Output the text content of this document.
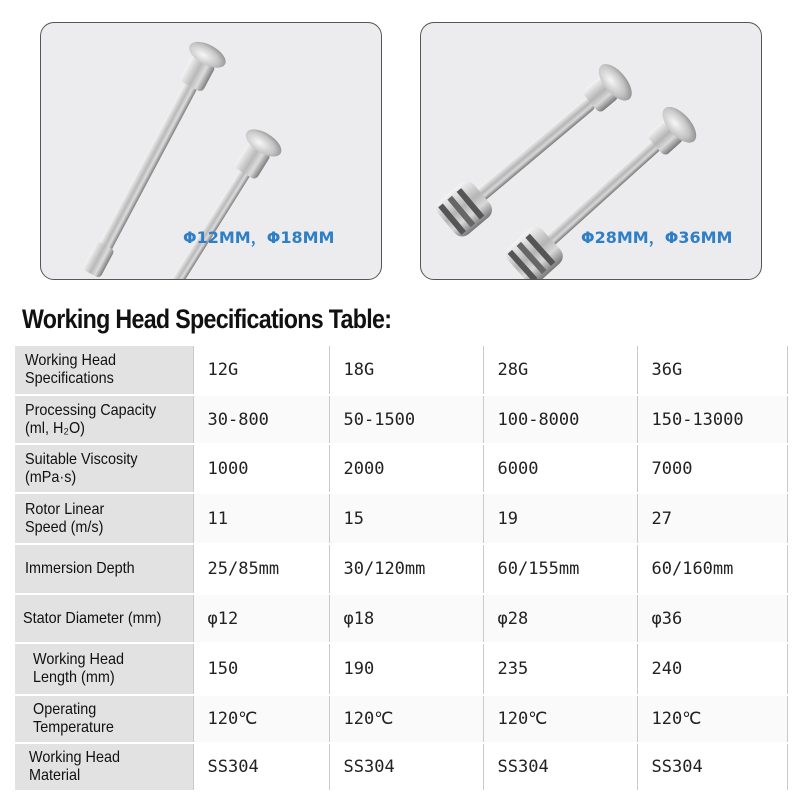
Φ12MM，Φ18MM	Φ28MM，Φ36MM
Working Head Specifications Table:
Working Head
Specifications	12G	18G	28G	36G
Processing Capacity
(ml, H₂O)	30-800	50-1500	100-8000	150-13000
Suitable Viscosity
(mPa·s)	1000	2000	6000	7000
Rotor Linear
Speed (m/s)	11	15	19	27
Immersion Depth	25/85mm	30/120mm	60/155mm	60/160mm
Stator Diameter (mm)	φ12	φ18	φ28	φ36
Working Head
Length (mm)	150	190	235	240
Operating
Temperature	120℃	120℃	120℃	120℃
Working Head
Material	SS304	SS304	SS304	SS304
